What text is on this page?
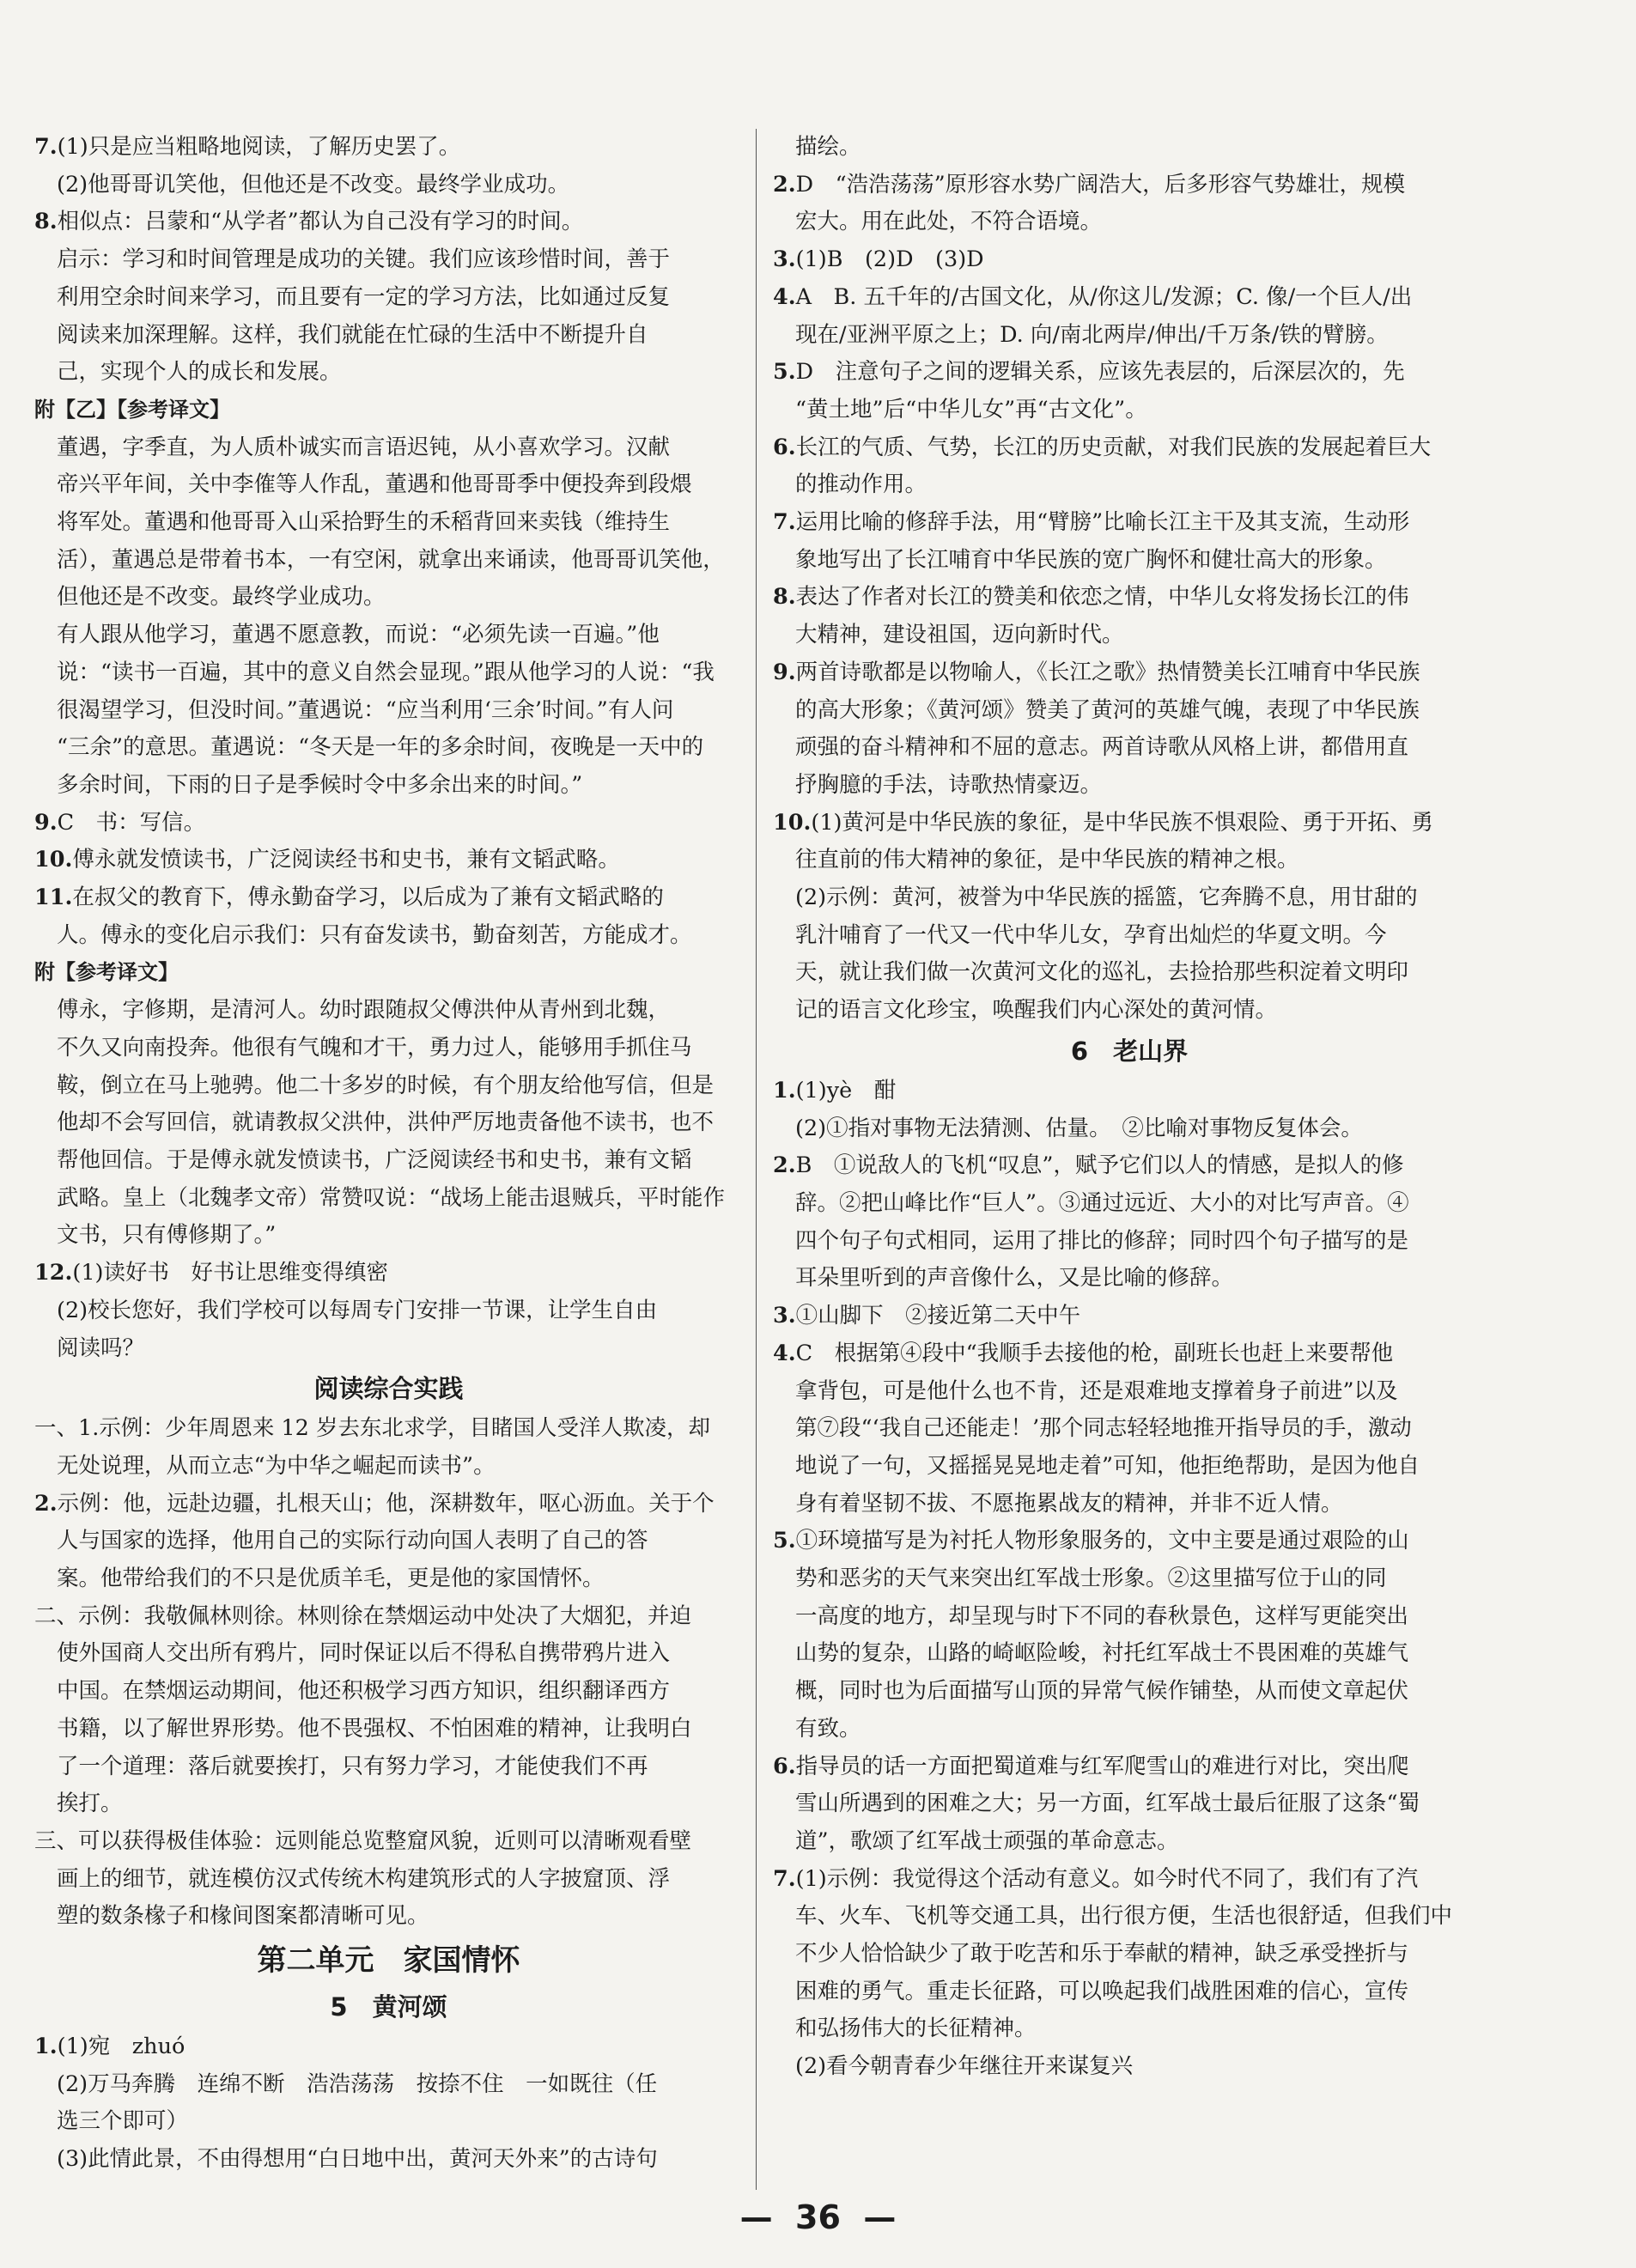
7.(1)只是应当粗略地阅读，了解历史罢了。
(2)他哥哥讥笑他，但他还是不改变。最终学业成功。
8.相似点：吕蒙和“从学者”都认为自己没有学习的时间。
启示：学习和时间管理是成功的关键。我们应该珍惜时间，善于
利用空余时间来学习，而且要有一定的学习方法，比如通过反复
阅读来加深理解。这样，我们就能在忙碌的生活中不断提升自
己，实现个人的成长和发展。
附【乙】【参考译文】
董遇，字季直，为人质朴诚实而言语迟钝，从小喜欢学习。汉献
帝兴平年间，关中李傕等人作乱，董遇和他哥哥季中便投奔到段煨
将军处。董遇和他哥哥入山采拾野生的禾稻背回来卖钱（维持生
活），董遇总是带着书本，一有空闲，就拿出来诵读，他哥哥讥笑他，
但他还是不改变。最终学业成功。
有人跟从他学习，董遇不愿意教，而说：“必须先读一百遍。”他
说：“读书一百遍，其中的意义自然会显现。”跟从他学习的人说：“我
很渴望学习，但没时间。”董遇说：“应当利用‘三余’时间。”有人问
“三余”的意思。董遇说：“冬天是一年的多余时间，夜晚是一天中的
多余时间，下雨的日子是季候时令中多余出来的时间。”
9.C　书：写信。
10.傅永就发愤读书，广泛阅读经书和史书，兼有文韬武略。
11.在叔父的教育下，傅永勤奋学习，以后成为了兼有文韬武略的
人。傅永的变化启示我们：只有奋发读书，勤奋刻苦，方能成才。
附【参考译文】
傅永，字修期，是清河人。幼时跟随叔父傅洪仲从青州到北魏，
不久又向南投奔。他很有气魄和才干，勇力过人，能够用手抓住马
鞍，倒立在马上驰骋。他二十多岁的时候，有个朋友给他写信，但是
他却不会写回信，就请教叔父洪仲，洪仲严厉地责备他不读书，也不
帮他回信。于是傅永就发愤读书，广泛阅读经书和史书，兼有文韬
武略。皇上（北魏孝文帝）常赞叹说：“战场上能击退贼兵，平时能作
文书，只有傅修期了。”
12.(1)读好书　好书让思维变得缜密
(2)校长您好，我们学校可以每周专门安排一节课，让学生自由
阅读吗？
阅读综合实践
一、1.示例：少年周恩来 12 岁去东北求学，目睹国人受洋人欺凌，却
无处说理，从而立志“为中华之崛起而读书”。
2.示例：他，远赴边疆，扎根天山；他，深耕数年，呕心沥血。关于个
人与国家的选择，他用自己的实际行动向国人表明了自己的答
案。他带给我们的不只是优质羊毛，更是他的家国情怀。
二、示例：我敬佩林则徐。林则徐在禁烟运动中处决了大烟犯，并迫
使外国商人交出所有鸦片，同时保证以后不得私自携带鸦片进入
中国。在禁烟运动期间，他还积极学习西方知识，组织翻译西方
书籍，以了解世界形势。他不畏强权、不怕困难的精神，让我明白
了一个道理：落后就要挨打，只有努力学习，才能使我们不再
挨打。
三、可以获得极佳体验：远则能总览整窟风貌，近则可以清晰观看壁
画上的细节，就连模仿汉式传统木构建筑形式的人字披窟顶、浮
塑的数条椽子和椽间图案都清晰可见。
第二单元　家国情怀
5　黄河颂
1.(1)宛　zhuó
(2)万马奔腾　连绵不断　浩浩荡荡　按捺不住　一如既往（任
选三个即可）
(3)此情此景，不由得想用“白日地中出，黄河天外来”的古诗句
描绘。
2.D　“浩浩荡荡”原形容水势广阔浩大，后多形容气势雄壮，规模
宏大。用在此处，不符合语境。
3.(1)B　(2)D　(3)D
4.A　B. 五千年的/古国文化，从/你这儿/发源；C. 像/一个巨人/出
现在/亚洲平原之上；D. 向/南北两岸/伸出/千万条/铁的臂膀。
5.D　注意句子之间的逻辑关系，应该先表层的，后深层次的，先
“黄土地”后“中华儿女”再“古文化”。
6.长江的气质、气势，长江的历史贡献，对我们民族的发展起着巨大
的推动作用。
7.运用比喻的修辞手法，用“臂膀”比喻长江主干及其支流，生动形
象地写出了长江哺育中华民族的宽广胸怀和健壮高大的形象。
8.表达了作者对长江的赞美和依恋之情，中华儿女将发扬长江的伟
大精神，建设祖国，迈向新时代。
9.两首诗歌都是以物喻人，《长江之歌》热情赞美长江哺育中华民族
的高大形象；《黄河颂》赞美了黄河的英雄气魄，表现了中华民族
顽强的奋斗精神和不屈的意志。两首诗歌从风格上讲，都借用直
抒胸臆的手法，诗歌热情豪迈。
10.(1)黄河是中华民族的象征，是中华民族不惧艰险、勇于开拓、勇
往直前的伟大精神的象征，是中华民族的精神之根。
(2)示例：黄河，被誉为中华民族的摇篮，它奔腾不息，用甘甜的
乳汁哺育了一代又一代中华儿女，孕育出灿烂的华夏文明。今
天，就让我们做一次黄河文化的巡礼，去捡拾那些积淀着文明印
记的语言文化珍宝，唤醒我们内心深处的黄河情。
6　老山界
1.(1)yè　酣
(2)①指对事物无法猜测、估量。　②比喻对事物反复体会。
2.B　①说敌人的飞机“叹息”，赋予它们以人的情感，是拟人的修
辞。②把山峰比作“巨人”。③通过远近、大小的对比写声音。④
四个句子句式相同，运用了排比的修辞；同时四个句子描写的是
耳朵里听到的声音像什么，又是比喻的修辞。
3.①山脚下　②接近第二天中午
4.C　根据第④段中“我顺手去接他的枪，副班长也赶上来要帮他
拿背包，可是他什么也不肯，还是艰难地支撑着身子前进”以及
第⑦段“‘我自己还能走！’那个同志轻轻地推开指导员的手，激动
地说了一句，又摇摇晃晃地走着”可知，他拒绝帮助，是因为他自
身有着坚韧不拔、不愿拖累战友的精神，并非不近人情。
5.①环境描写是为衬托人物形象服务的，文中主要是通过艰险的山
势和恶劣的天气来突出红军战士形象。②这里描写位于山的同
一高度的地方，却呈现与时下不同的春秋景色，这样写更能突出
山势的复杂，山路的崎岖险峻，衬托红军战士不畏困难的英雄气
概，同时也为后面描写山顶的异常气候作铺垫，从而使文章起伏
有致。
6.指导员的话一方面把蜀道难与红军爬雪山的难进行对比，突出爬
雪山所遇到的困难之大；另一方面，红军战士最后征服了这条“蜀
道”，歌颂了红军战士顽强的革命意志。
7.(1)示例：我觉得这个活动有意义。如今时代不同了，我们有了汽
车、火车、飞机等交通工具，出行很方便，生活也很舒适，但我们中
不少人恰恰缺少了敢于吃苦和乐于奉献的精神，缺乏承受挫折与
困难的勇气。重走长征路，可以唤起我们战胜困难的信心，宣传
和弘扬伟大的长征精神。
(2)看今朝青春少年继往开来谋复兴
—  36  —
